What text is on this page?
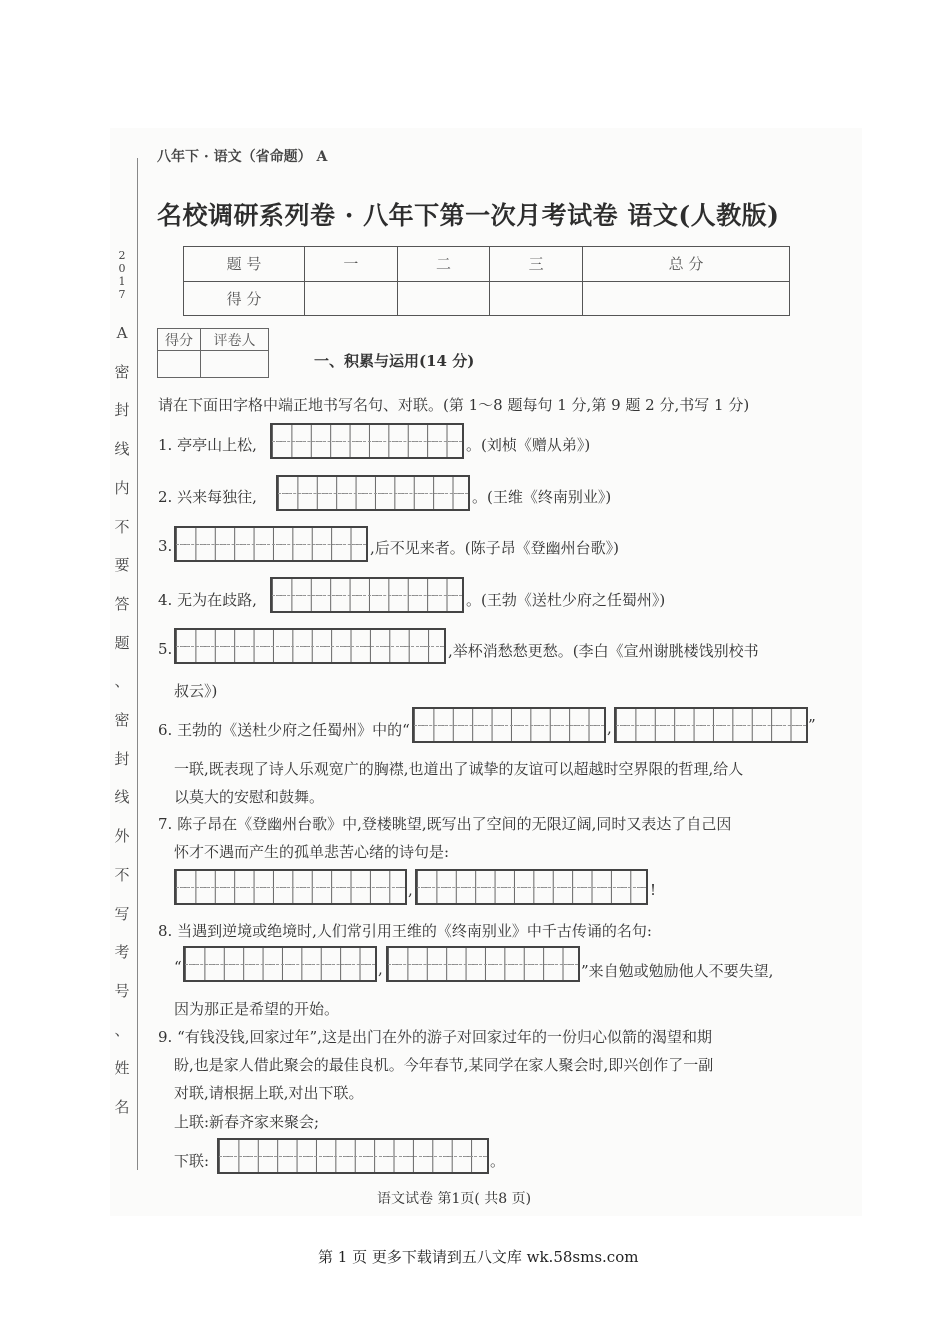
2
0
1
7
A
密
封
线
内
不
要
答
题
、
密
封
线
外
不
写
考
号
、
姓
名
八年下 · 语文（省命题） A
名校调研系列卷 · 八年下第一次月考试卷 语文(人教版)
题 号	一	二	三	总 分
得 分				
得分	评卷人

一、积累与运用(14 分)
请在下面田字格中端正地书写名句、对联。(第 1～8 题每句 1 分,第 9 题 2 分,书写 1 分)
1. 亭亭山上松,	。(刘桢《赠从弟》)
2. 兴来每独往,	。(王维《终南别业》)
3.	,后不见来者。(陈子昂《登幽州台歌》)
4. 无为在歧路,	。(王勃《送杜少府之任蜀州》)
5.	,举杯消愁愁更愁。(李白《宣州谢朓楼饯别校书
叔云》)
6. 王勃的《送杜少府之任蜀州》中的“	,	”
一联,既表现了诗人乐观宽广的胸襟,也道出了诚挚的友谊可以超越时空界限的哲理,给人
以莫大的安慰和鼓舞。
7. 陈子昂在《登幽州台歌》中,登楼眺望,既写出了空间的无限辽阔,同时又表达了自己因
怀才不遇而产生的孤单悲苦心绪的诗句是:
,	!
8. 当遇到逆境或绝境时,人们常引用王维的《终南别业》中千古传诵的名句:
“	,	”来自勉或勉励他人不要失望,
因为那正是希望的开始。
9. “有钱没钱,回家过年”,这是出门在外的游子对回家过年的一份归心似箭的渴望和期
盼,也是家人借此聚会的最佳良机。今年春节,某同学在家人聚会时,即兴创作了一副
对联,请根据上联,对出下联。
上联:新春齐家来聚会;
下联:	。
语文试卷 第1页( 共8 页)
第 1 页 更多下载请到五八文库 wk.58sms.com
